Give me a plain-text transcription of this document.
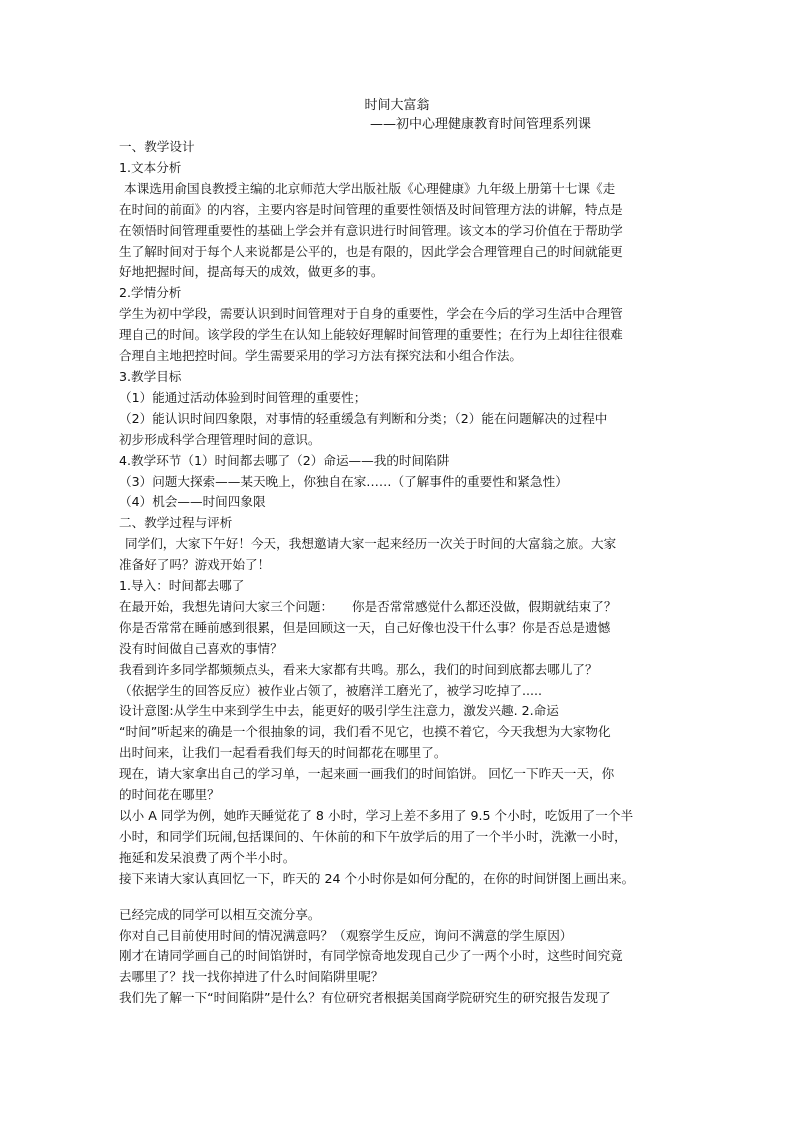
时间大富翁
——初中心理健康教育时间管理系列课

一、教学设计

1.文本分析

本课选用俞国良教授主编的北京师范大学出版社版《心理健康》九年级上册第十七课《走

在时间的前面》的内容，主要内容是时间管理的重要性领悟及时间管理方法的讲解，特点是

在领悟时间管理重要性的基础上学会并有意识进行时间管理。该文本的学习价值在于帮助学

生了解时间对于每个人来说都是公平的，也是有限的，因此学会合理管理自己的时间就能更

好地把握时间，提高每天的成效，做更多的事。

2.学情分析

学生为初中学段，需要认识到时间管理对于自身的重要性，学会在今后的学习生活中合理管

理自己的时间。该学段的学生在认知上能较好理解时间管理的重要性；在行为上却往往很难

合理自主地把控时间。学生需要采用的学习方法有探究法和小组合作法。

3.教学目标

（1）能通过活动体验到时间管理的重要性；

（2）能认识时间四象限，对事情的轻重缓急有判断和分类；（2）能在问题解决的过程中

初步形成科学合理管理时间的意识。

4.教学环节（1）时间都去哪了（2）命运——我的时间陷阱

（3）问题大探索——某天晚上，你独自在家……（了解事件的重要性和紧急性）

（4）机会——时间四象限

二、教学过程与评析

同学们，大家下午好！今天，我想邀请大家一起来经历一次关于时间的大富翁之旅。大家

准备好了吗？游戏开始了！

1.导入：时间都去哪了

在最开始，我想先请问大家三个问题：　　你是否常常感觉什么都还没做，假期就结束了？

你是否常常在睡前感到很累，但是回顾这一天，自己好像也没干什么事？你是否总是遗憾

没有时间做自己喜欢的事情？

我看到许多同学都频频点头，看来大家都有共鸣。那么，我们的时间到底都去哪儿了？

（依据学生的回答反应）被作业占领了，被磨洋工磨光了，被学习吃掉了.....

设计意图:从学生中来到学生中去，能更好的吸引学生注意力，激发兴趣. 2.命运

“时间”听起来的确是一个很抽象的词，我们看不见它，也摸不着它，今天我想为大家物化

出时间来，让我们一起看看我们每天的时间都花在哪里了。

现在，请大家拿出自己的学习单，一起来画一画我们的时间馅饼。 回忆一下昨天一天，你

的时间花在哪里？

以小 A 同学为例，她昨天睡觉花了 8 小时，学习上差不多用了 9.5 个小时，吃饭用了一个半

小时，和同学们玩闹,包括课间的、午休前的和下午放学后的用了一个半小时，洗漱一小时，

拖延和发呆浪费了两个半小时。

接下来请大家认真回忆一下，昨天的 24 个小时你是如何分配的，在你的时间饼图上画出来。

已经完成的同学可以相互交流分享。

你对自己目前使用时间的情况满意吗？（观察学生反应，询问不满意的学生原因）

刚才在请同学画自己的时间馅饼时，有同学惊奇地发现自己少了一两个小时，这些时间究竟

去哪里了？找一找你掉进了什么时间陷阱里呢？

我们先了解一下“时间陷阱”是什么？有位研究者根据美国商学院研究生的研究报告发现了
